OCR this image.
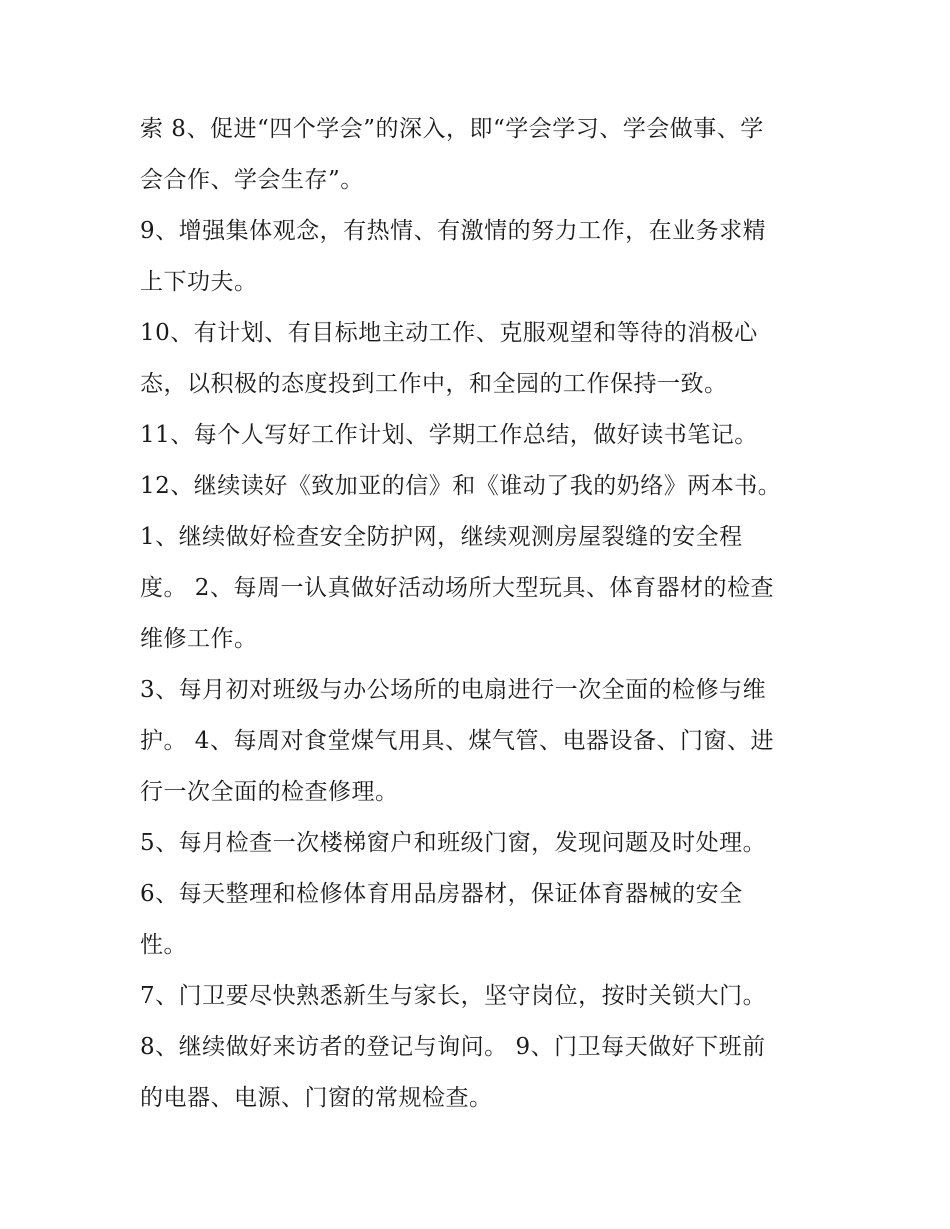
索 8、促进“四个学会”的深入，即“学会学习、学会做事、学
会合作、学会生存”。
9、增强集体观念，有热情、有激情的努力工作，在业务求精
上下功夫。
10、有计划、有目标地主动工作、克服观望和等待的消极心
态，以积极的态度投到工作中，和全园的工作保持一致。
11、每个人写好工作计划、学期工作总结，做好读书笔记。
12、继续读好《致加亚的信》和《谁动了我的奶络》两本书。
1、继续做好检查安全防护网，继续观测房屋裂缝的安全程
度。 2、每周一认真做好活动场所大型玩具、体育器材的检查
维修工作。
3、每月初对班级与办公场所的电扇进行一次全面的检修与维
护。 4、每周对食堂煤气用具、煤气管、电器设备、门窗、进
行一次全面的检查修理。
5、每月检查一次楼梯窗户和班级门窗，发现问题及时处理。
6、每天整理和检修体育用品房器材，保证体育器械的安全
性。
7、门卫要尽快熟悉新生与家长，坚守岗位，按时关锁大门。
8、继续做好来访者的登记与询问。 9、门卫每天做好下班前
的电器、电源、门窗的常规检查。
